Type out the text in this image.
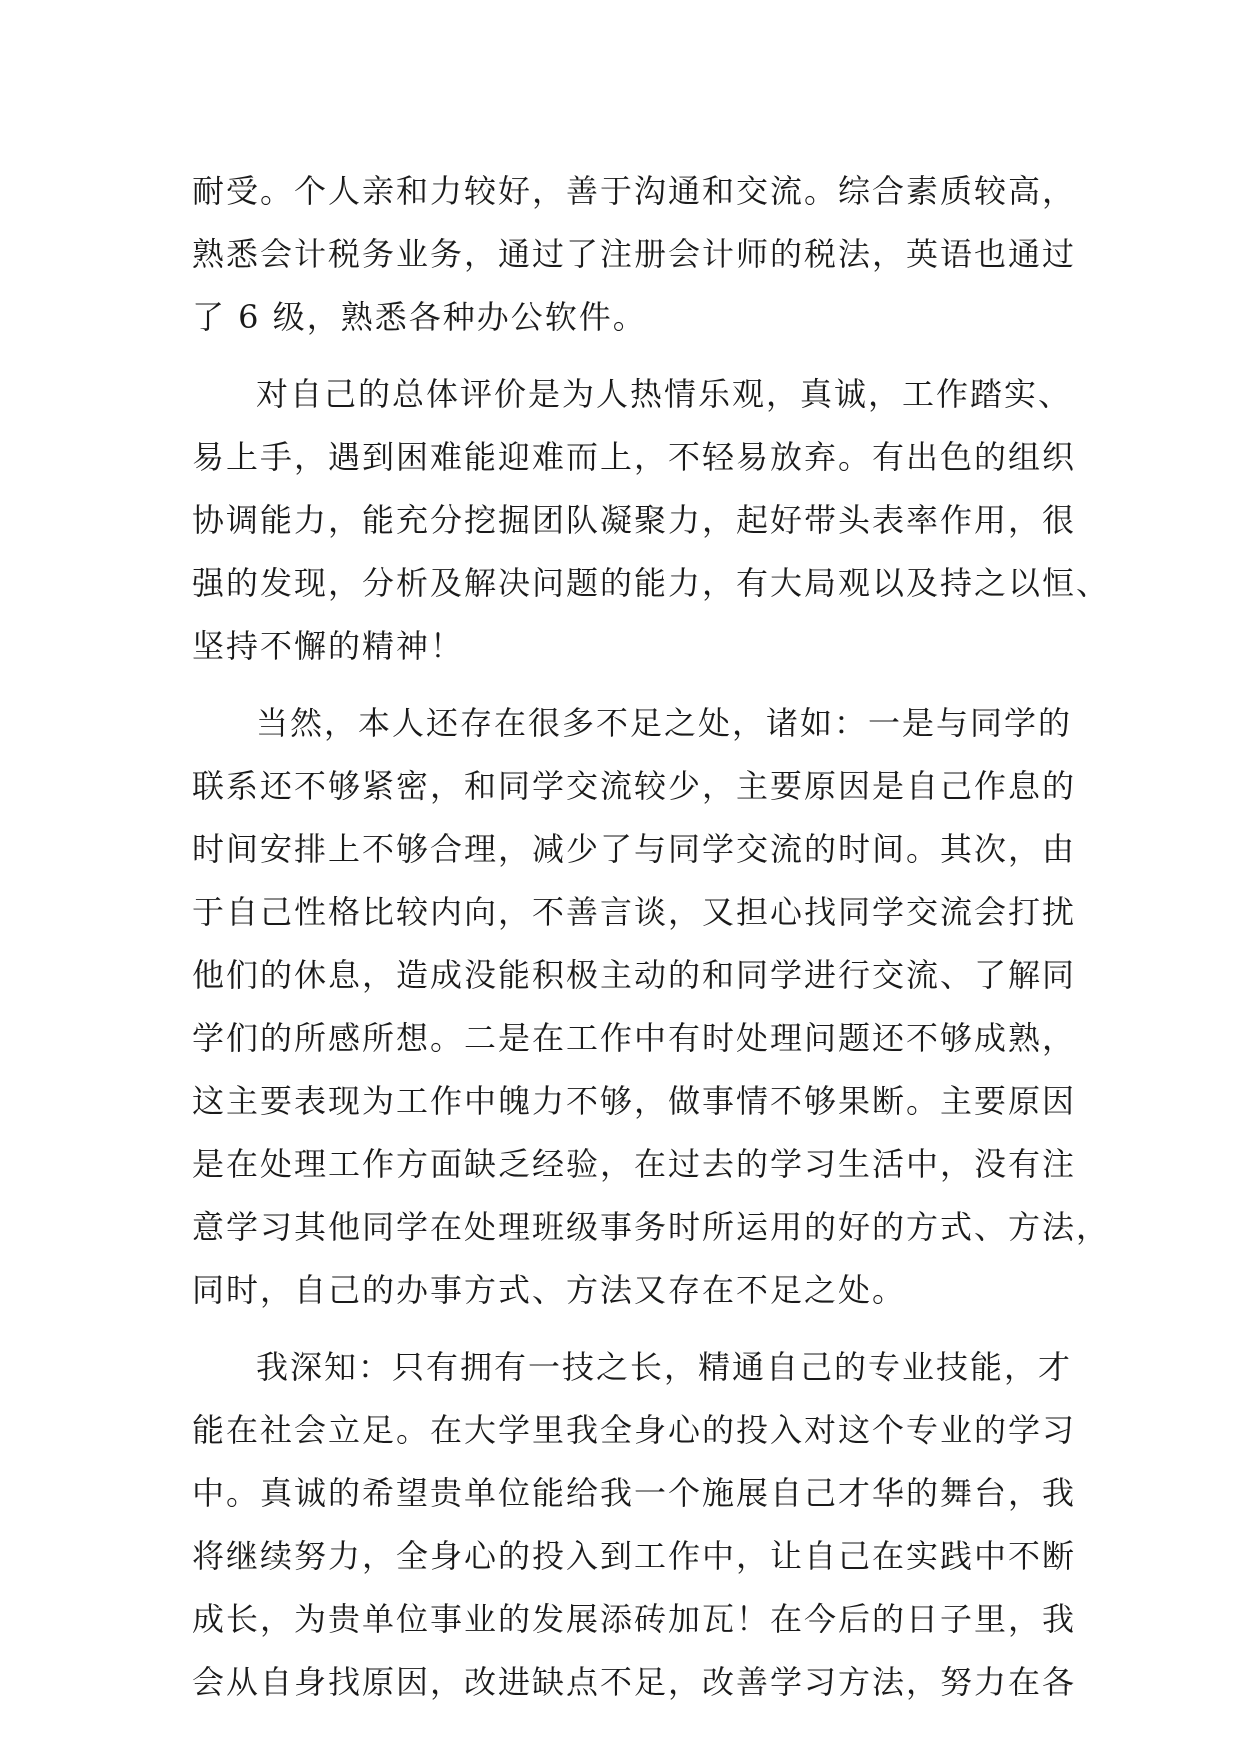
耐受。个人亲和力较好，善于沟通和交流。综合素质较高，
熟悉会计税务业务，通过了注册会计师的税法，英语也通过
了 6 级，熟悉各种办公软件。
对自己的总体评价是为人热情乐观，真诚，工作踏实、
易上手，遇到困难能迎难而上，不轻易放弃。有出色的组织
协调能力，能充分挖掘团队凝聚力，起好带头表率作用，很
强的发现，分析及解决问题的能力，有大局观以及持之以恒、
坚持不懈的精神！
当然，本人还存在很多不足之处，诸如：一是与同学的
联系还不够紧密，和同学交流较少，主要原因是自己作息的
时间安排上不够合理，减少了与同学交流的时间。其次，由
于自己性格比较内向，不善言谈，又担心找同学交流会打扰
他们的休息，造成没能积极主动的和同学进行交流、了解同
学们的所感所想。二是在工作中有时处理问题还不够成熟，
这主要表现为工作中魄力不够，做事情不够果断。主要原因
是在处理工作方面缺乏经验，在过去的学习生活中，没有注
意学习其他同学在处理班级事务时所运用的好的方式、方法，
同时，自己的办事方式、方法又存在不足之处。
我深知：只有拥有一技之长，精通自己的专业技能，才
能在社会立足。在大学里我全身心的投入对这个专业的学习
中。真诚的希望贵单位能给我一个施展自己才华的舞台，我
将继续努力，全身心的投入到工作中，让自己在实践中不断
成长，为贵单位事业的发展添砖加瓦！在今后的日子里，我
会从自身找原因，改进缺点不足，改善学习方法，努力在各
